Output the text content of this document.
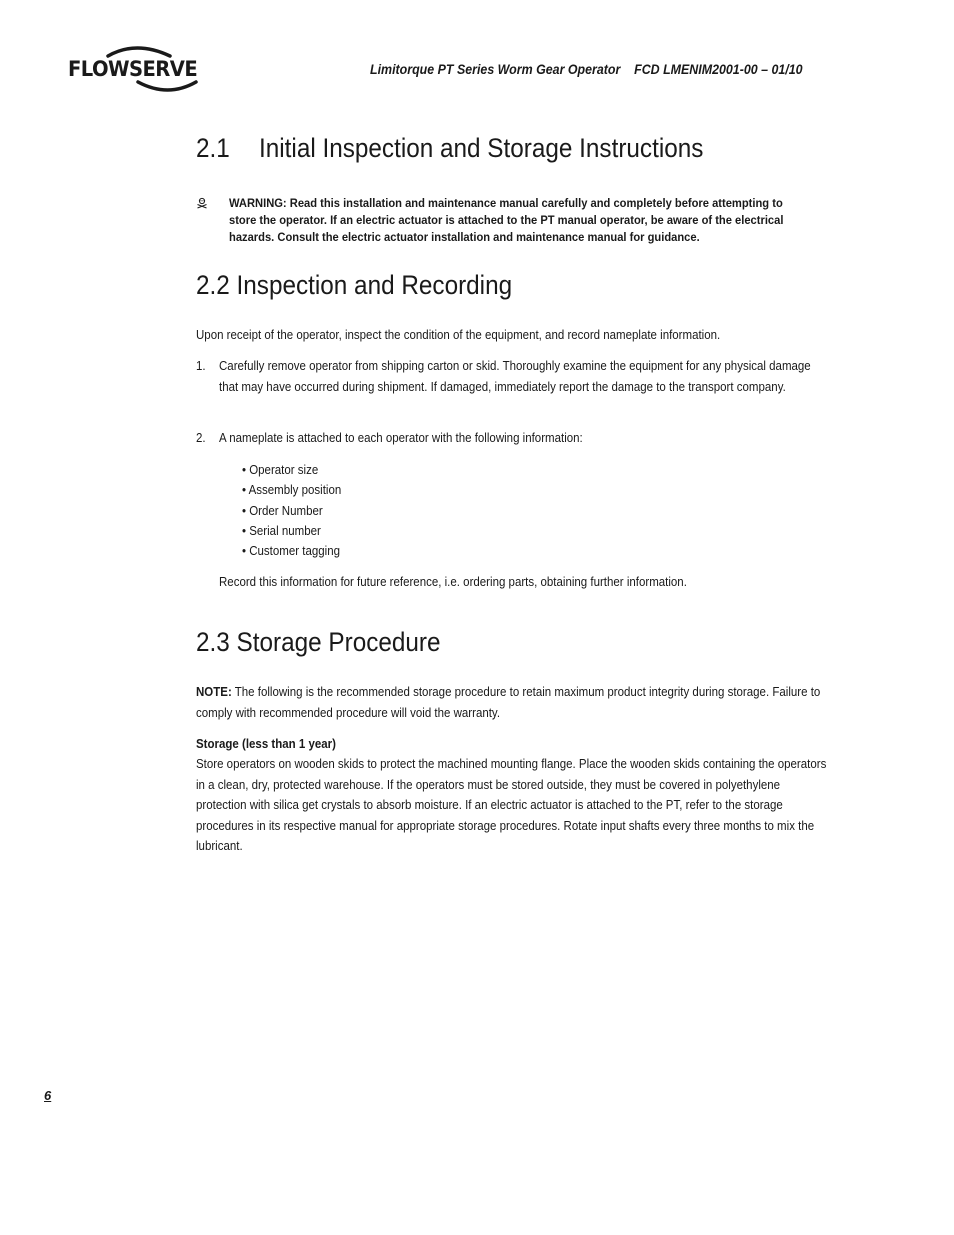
FLOWSERVE	Limitorque PT Series Worm Gear Operator    FCD LMENIM2001-00 – 01/10
2.1 Initial Inspection and Storage Instructions
WARNING: Read this installation and maintenance manual carefully and completely before attempting to store the operator. If an electric actuator is attached to the PT manual operator, be aware of the electrical hazards. Consult the electric actuator installation and maintenance manual for guidance.
2.2 Inspection and Recording
Upon receipt of the operator, inspect the condition of the equipment, and record nameplate information.
1. Carefully remove operator from shipping carton or skid. Thoroughly examine the equipment for any physical damage that may have occurred during shipment. If damaged, immediately report the damage to the transport company.
2. A nameplate is attached to each operator with the following information:
• Operator size
• Assembly position
• Order Number
• Serial number
• Customer tagging
Record this information for future reference, i.e. ordering parts, obtaining further information.
2.3 Storage Procedure
NOTE: The following is the recommended storage procedure to retain maximum product integrity during storage. Failure to comply with recommended procedure will void the warranty.
Storage (less than 1 year)
Store operators on wooden skids to protect the machined mounting flange. Place the wooden skids containing the operators in a clean, dry, protected warehouse. If the operators must be stored outside, they must be covered in polyethylene protection with silica get crystals to absorb moisture. If an electric actuator is attached to the PT, refer to the storage procedures in its respective manual for appropriate storage procedures. Rotate input shafts every three months to mix the lubricant.
6
